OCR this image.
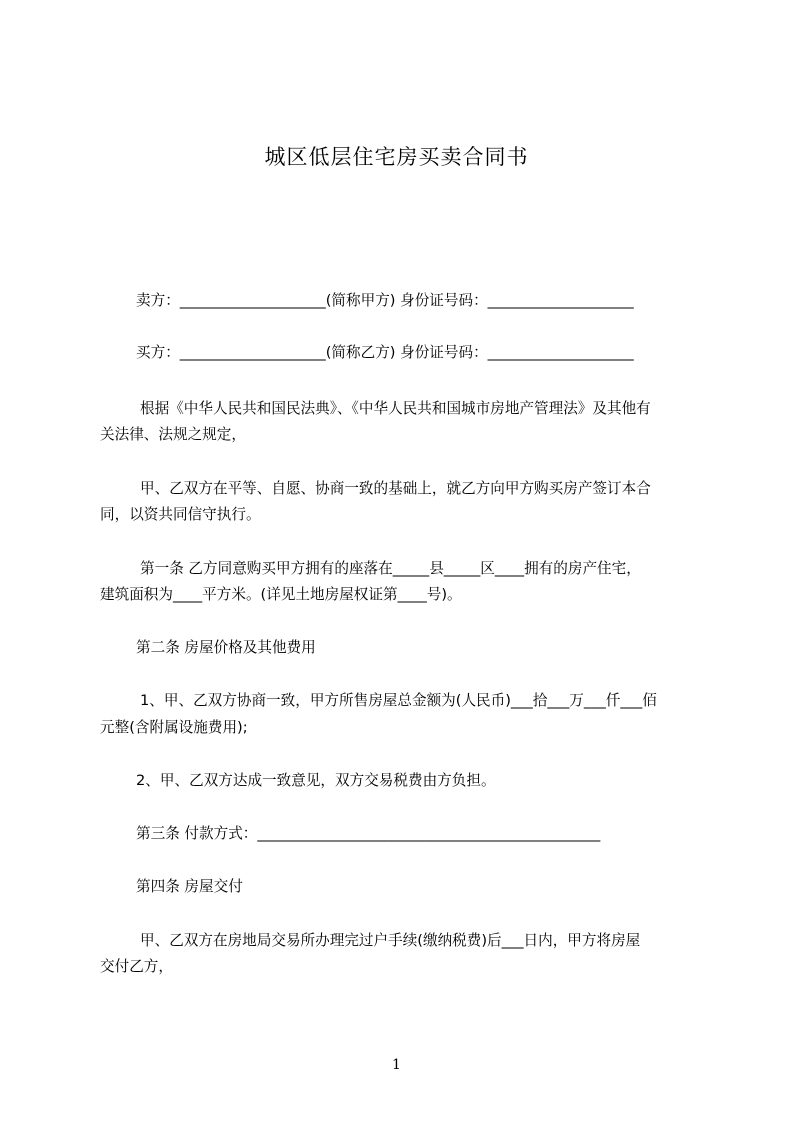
城区低层住宅房买卖合同书

卖方：____________________(简称甲方) 身份证号码：____________________

买方：____________________(简称乙方) 身份证号码：____________________

根据《中华人民共和国民法典》、《中华人民共和国城市房地产管理法》及其他有

关法律、法规之规定，

甲、乙双方在平等、自愿、协商一致的基础上，就乙方向甲方购买房产签订本合

同，以资共同信守执行。

第一条 乙方同意购买甲方拥有的座落在_____县_____区____拥有的房产住宅，

建筑面积为____平方米。(详见土地房屋权证第____号)。

第二条 房屋价格及其他费用

1、甲、乙双方协商一致，甲方所售房屋总金额为(人民币)___拾___万___仟___佰

元整(含附属设施费用);

2、甲、乙双方达成一致意见，双方交易税费由方负担。

第三条 付款方式：_______________________________________________

第四条 房屋交付

甲、乙双方在房地局交易所办理完过户手续(缴纳税费)后___日内，甲方将房屋

交付乙方，

1
